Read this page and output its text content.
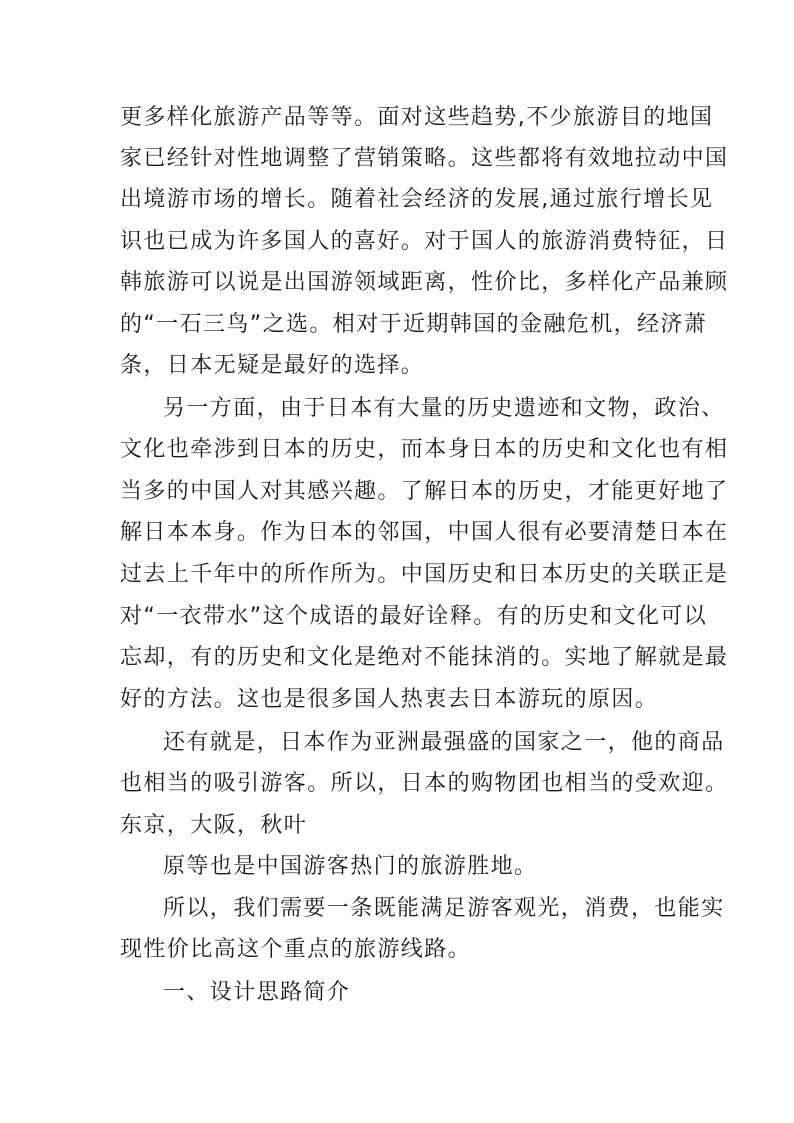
更多样化旅游产品等等。面对这些趋势,不少旅游目的地国
家已经针对性地调整了营销策略。这些都将有效地拉动中国
出境游市场的增长。随着社会经济的发展,通过旅行增长见
识也已成为许多国人的喜好。对于国人的旅游消费特征，日
韩旅游可以说是出国游领域距离，性价比，多样化产品兼顾
的“一石三鸟”之选。相对于近期韩国的金融危机，经济萧
条，日本无疑是最好的选择。
另一方面，由于日本有大量的历史遗迹和文物，政治、
文化也牵涉到日本的历史，而本身日本的历史和文化也有相
当多的中国人对其感兴趣。了解日本的历史，才能更好地了
解日本本身。作为日本的邻国，中国人很有必要清楚日本在
过去上千年中的所作所为。中国历史和日本历史的关联正是
对“一衣带水”这个成语的最好诠释。有的历史和文化可以
忘却，有的历史和文化是绝对不能抹消的。实地了解就是最
好的方法。这也是很多国人热衷去日本游玩的原因。
还有就是，日本作为亚洲最强盛的国家之一，他的商品
也相当的吸引游客。所以，日本的购物团也相当的受欢迎。
东京，大阪，秋叶
原等也是中国游客热门的旅游胜地。
所以，我们需要一条既能满足游客观光，消费，也能实
现性价比高这个重点的旅游线路。
一、设计思路简介
